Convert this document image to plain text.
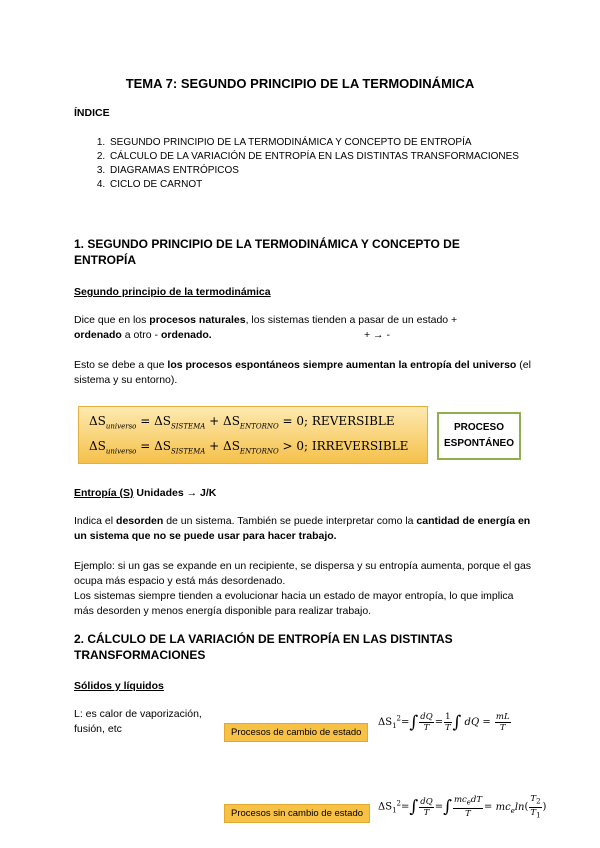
TEMA 7: SEGUNDO PRINCIPIO DE LA TERMODINÁMICA
ÍNDICE
1. SEGUNDO PRINCIPIO DE LA TERMODINÁMICA Y CONCEPTO DE ENTROPÍA
2. CÁLCULO DE LA VARIACIÓN DE ENTROPÍA EN LAS DISTINTAS TRANSFORMACIONES
3. DIAGRAMAS ENTRÓPICOS
4. CICLO DE CARNOT
1. SEGUNDO PRINCIPIO DE LA TERMODINÁMICA Y CONCEPTO DE ENTROPÍA
Segundo principio de la termodinámica
Dice que en los procesos naturales, los sistemas tienden a pasar de un estado +
ordenado a otro - ordenado.	+ → -
Esto se debe a que los procesos espontáneos siempre aumentan la entropía del universo (el sistema y su entorno).
$\Delta S_{universo} = \Delta S_{SISTEMA} + \Delta S_{ENTORNO} = 0$; REVERSIBLE
$\Delta S_{universo} = \Delta S_{SISTEMA} + \Delta S_{ENTORNO} > 0$; IRREVERSIBLE
PROCESO ESPONTÁNEO
Entropía (S) Unidades → J/K
Indica el desorden de un sistema. También se puede interpretar como la cantidad de energía en un sistema que no se puede usar para hacer trabajo.
Ejemplo: si un gas se expande en un recipiente, se dispersa y su entropía aumenta, porque el gas ocupa más espacio y está más desordenado.
Los sistemas siempre tienden a evolucionar hacia un estado de mayor entropía, lo que implica más desorden y menos energía disponible para realizar trabajo.
2. CÁLCULO DE LA VARIACIÓN DE ENTROPÍA EN LAS DISTINTAS TRANSFORMACIONES
Sólidos y líquidos
L: es calor de vaporización, fusión, etc	Procesos de cambio de estado
$\Delta S_1^2=\int \frac{dQ}{T} = \frac{1}{T}$ ∫ dQ = $\frac{mL}{T}$
Procesos sin cambio de estado
$\Delta S_1^2=\int \frac{dQ}{T}$ =∫ $\frac{mc_edT}{T} = mc_e\ln( \frac{T_2}{T_1}$ )
